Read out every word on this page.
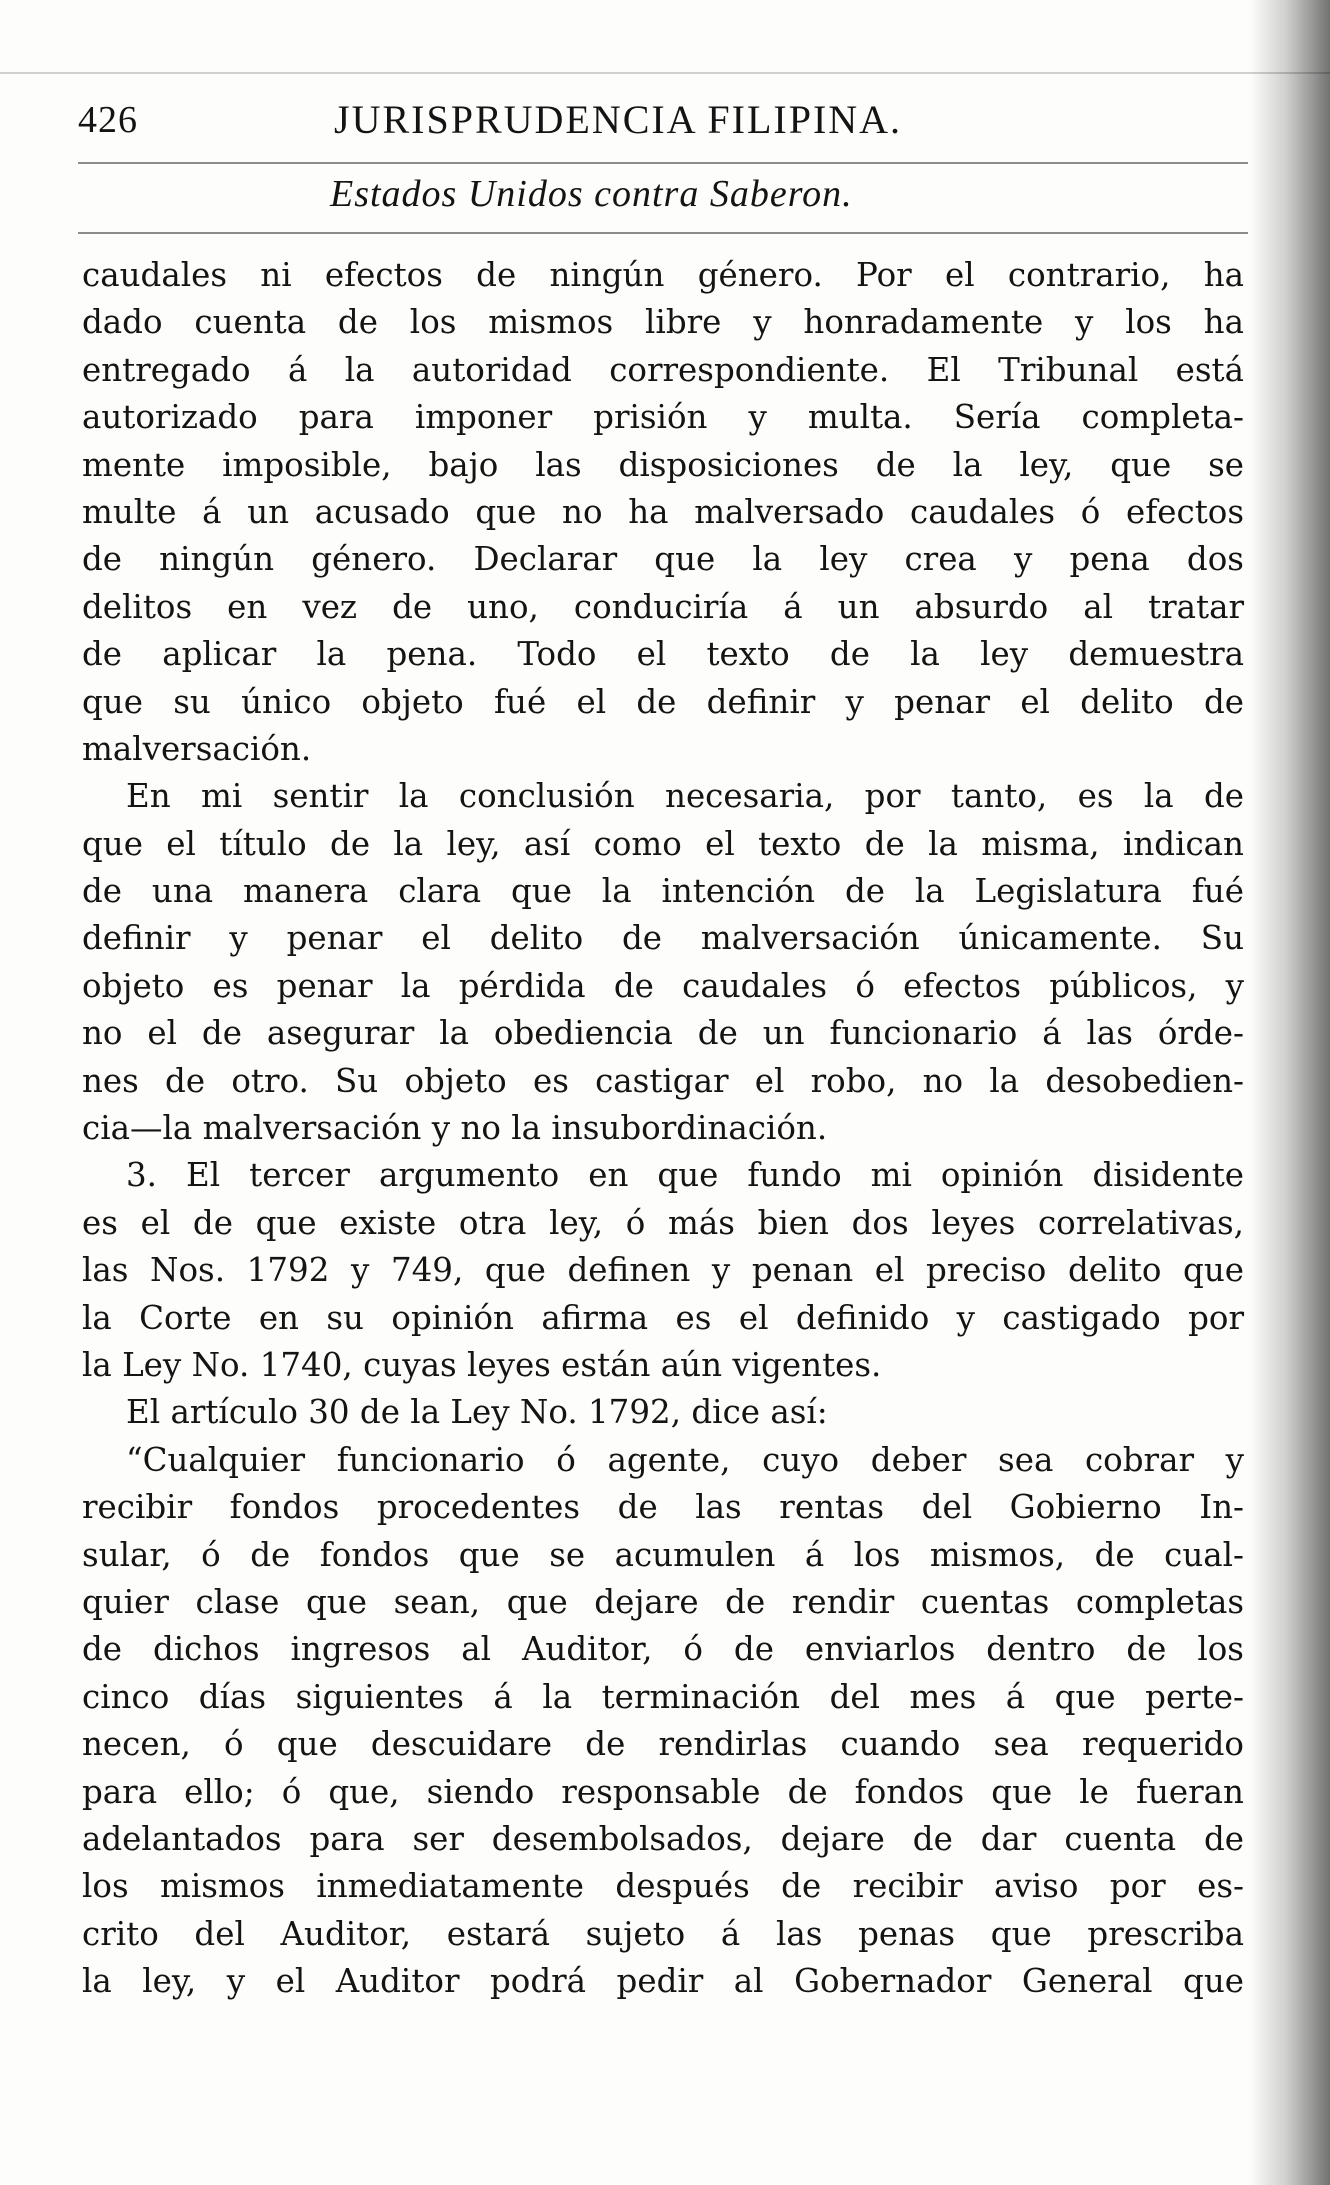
426	JURISPRUDENCIA FILIPINA.
Estados Unidos contra Saberon.
caudales ni efectos de ningún género. Por el contrario, ha
dado cuenta de los mismos libre y honradamente y los ha
entregado á la autoridad correspondiente. El Tribunal está
autorizado para imponer prisión y multa. Sería completa-
mente imposible, bajo las disposiciones de la ley, que se
multe á un acusado que no ha malversado caudales ó efectos
de ningún género. Declarar que la ley crea y pena dos
delitos en vez de uno, conduciría á un absurdo al tratar
de aplicar la pena. Todo el texto de la ley demuestra
que su único objeto fué el de definir y penar el delito de
malversación.
En mi sentir la conclusión necesaria, por tanto, es la de
que el título de la ley, así como el texto de la misma, indican
de una manera clara que la intención de la Legislatura fué
definir y penar el delito de malversación únicamente. Su
objeto es penar la pérdida de caudales ó efectos públicos, y
no el de asegurar la obediencia de un funcionario á las órde-
nes de otro. Su objeto es castigar el robo, no la desobedien-
cia—la malversación y no la insubordinación.
3. El tercer argumento en que fundo mi opinión disidente
es el de que existe otra ley, ó más bien dos leyes correlativas,
las Nos. 1792 y 749, que definen y penan el preciso delito que
la Corte en su opinión afirma es el definido y castigado por
la Ley No. 1740, cuyas leyes están aún vigentes.
El artículo 30 de la Ley No. 1792, dice así:
“Cualquier funcionario ó agente, cuyo deber sea cobrar y
recibir fondos procedentes de las rentas del Gobierno In-
sular, ó de fondos que se acumulen á los mismos, de cual-
quier clase que sean, que dejare de rendir cuentas completas
de dichos ingresos al Auditor, ó de enviarlos dentro de los
cinco días siguientes á la terminación del mes á que perte-
necen, ó que descuidare de rendirlas cuando sea requerido
para ello; ó que, siendo responsable de fondos que le fueran
adelantados para ser desembolsados, dejare de dar cuenta de
los mismos inmediatamente después de recibir aviso por es-
crito del Auditor, estará sujeto á las penas que prescriba
la ley, y el Auditor podrá pedir al Gobernador General que
